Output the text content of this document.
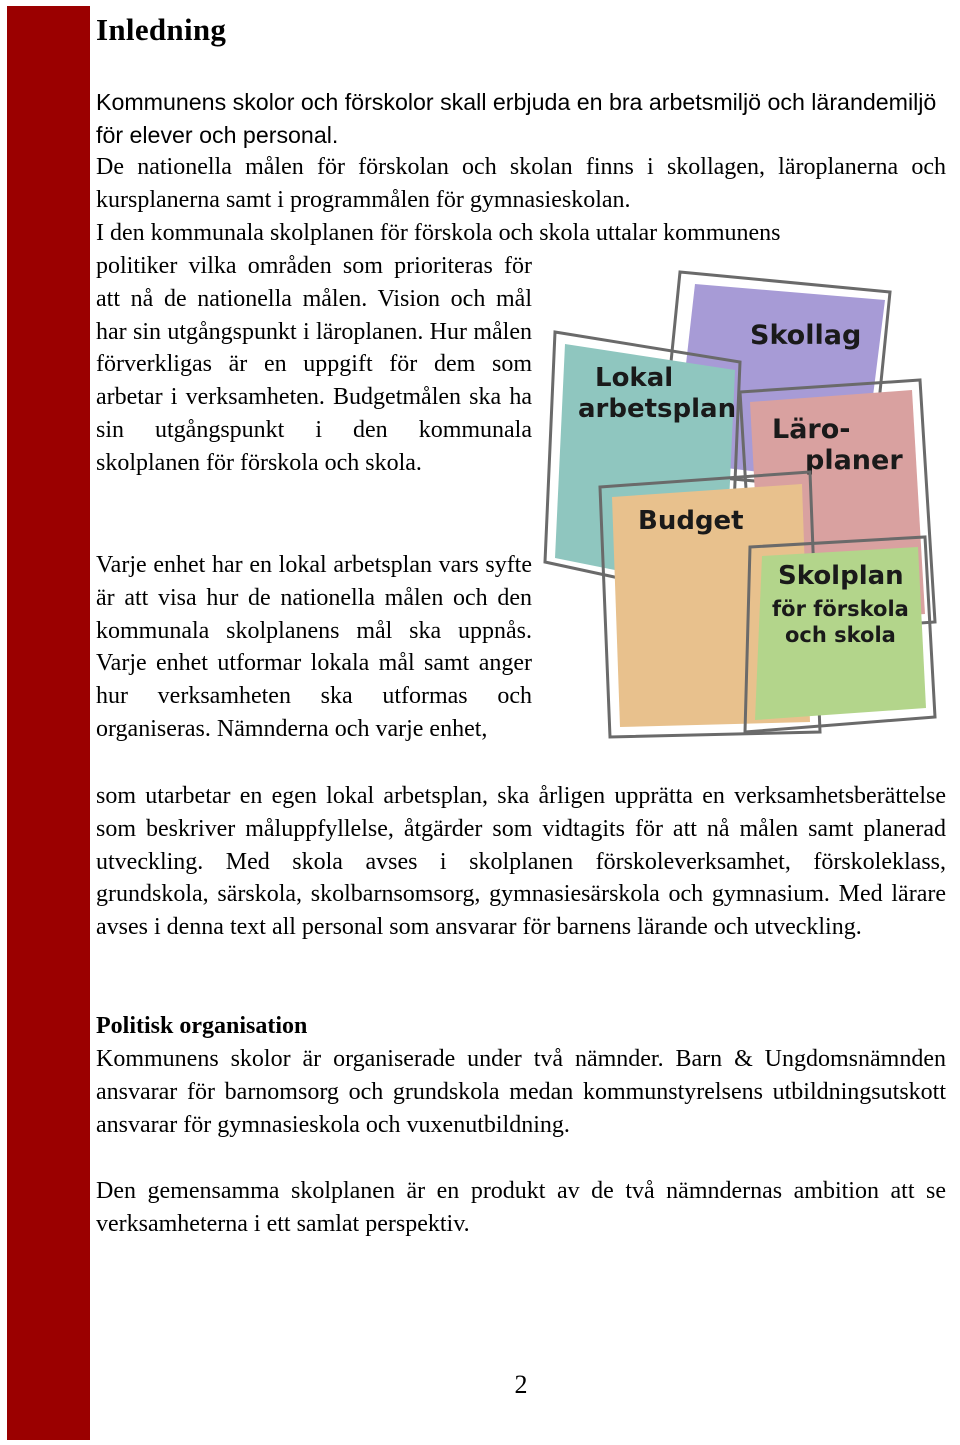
Inledning

Kommunens skolor och förskolor skall erbjuda en bra arbetsmiljö och lärandemiljö för elever och personal.

De nationella målen för förskolan och skolan finns i skollagen, läroplanerna och kursplanerna samt i programmålen för gymnasieskolan.

I den kommunala skolplanen för förskola och skola uttalar kommunens

politiker vilka områden som prioriteras för att nå de nationella målen. Vision och mål har sin utgångspunkt i läroplanen. Hur målen förverkligas är en uppgift för dem som arbetar i verksamheten. Budgetmålen ska ha sin utgångspunkt i den kommunala skolplanen för förskola och skola.

Varje enhet har en lokal arbetsplan vars syfte är att visa hur de nationella målen och den kommunala skolplanens mål ska uppnås. Varje enhet utformar lokala mål samt anger hur verksamheten ska utformas och organiseras. Nämnderna och varje enhet,

som utarbetar en egen lokal arbetsplan, ska årligen upprätta en verksamhetsberättelse som beskriver måluppfyllelse, åtgärder som vidtagits för att nå målen samt planerad utveckling. Med skola avses i skolplanen förskoleverksamhet, förskoleklass, grundskola, särskola, skolbarnsomsorg, gymnasiesärskola och gymnasium. Med lärare avses i denna text all personal som ansvarar för barnens lärande och utveckling.

Politisk organisation

Kommunens skolor är organiserade under två nämnder. Barn & Ungdomsnämnden ansvarar för barnomsorg och grundskola medan kommunstyrelsens utbildningsutskott ansvarar för gymnasieskola och vuxenutbildning.

Den gemensamma skolplanen är en produkt av de två nämndernas ambition att se verksamheterna i ett samlat perspektiv.

2
Skollag
Läro-
planer
Lokal
arbetsplan
Budget
Skolplan
för förskola
och skola
